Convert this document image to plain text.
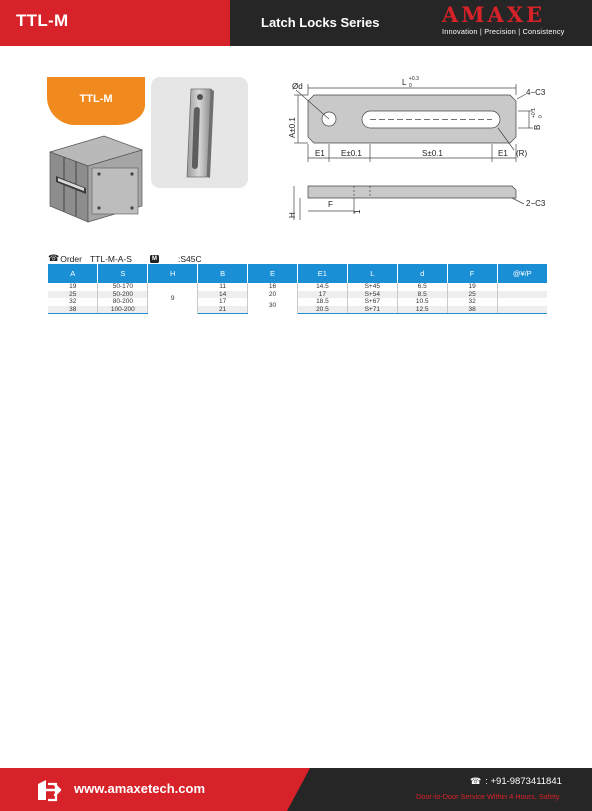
TTL-M	Latch Locks Series	AMAXE
Innovation | Precision | Consistency
TTL-M
Ød	L +0.3
0
4−C3
A±0.1	B
+0.1 0
E1 E±0.1	S±0.1	E1 (R)
H
1
F	2−C3
☎ Order TTL-M-A-S	M :S45C
A	S	H	B	E	E1	L	d	F	@¥/P
19	50-170	9	11	16	14.5	S+45	6.5	19	
25	50-200		14	20	17	S+54	8.5	25	
32	80-200		17	30	18.5	S+67	10.5	32	
38	100-200		21		20.5	S+71	12.5	38	
www.amaxetech.com	☎ : +91-9873411841
Door-to-Door Service Within 4 Hours, Safety
